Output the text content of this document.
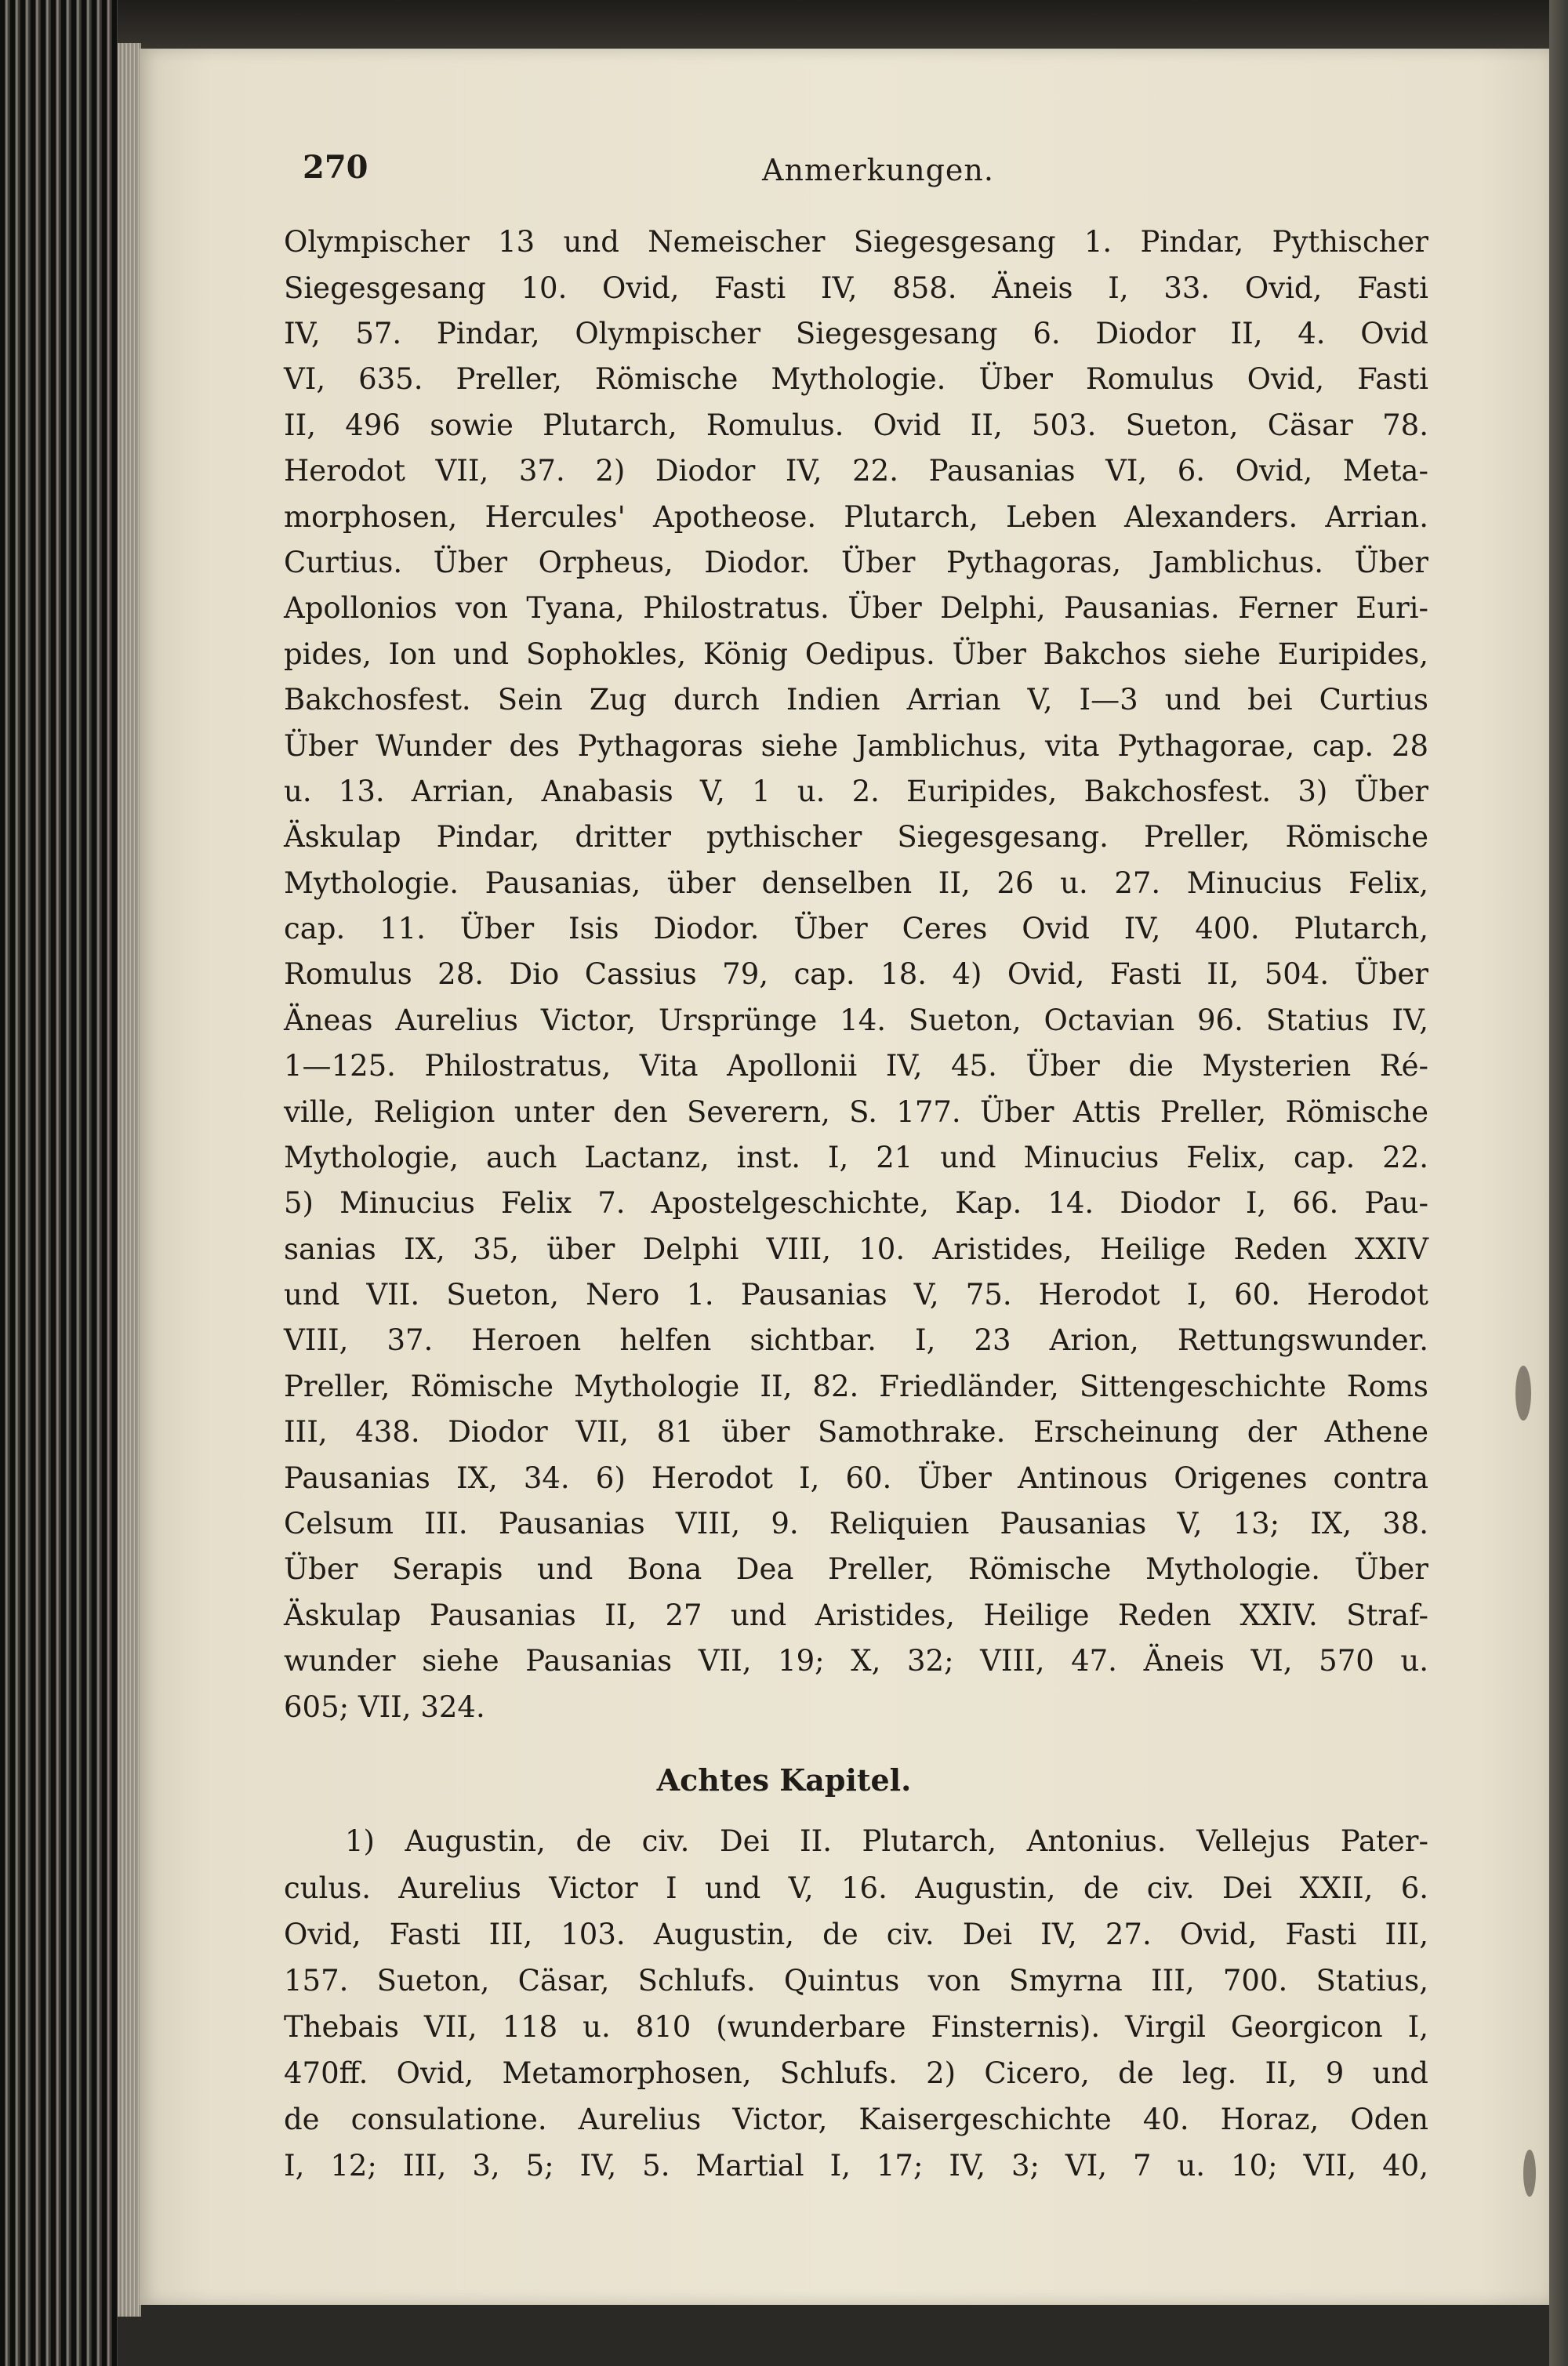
270	Anmerkungen.

Olympischer 13 und Nemeischer Siegesgesang 1. Pindar, Pythischer

Siegesgesang 10. Ovid, Fasti IV, 858. Äneis I, 33. Ovid, Fasti

IV, 57. Pindar, Olympischer Siegesgesang 6. Diodor II, 4. Ovid

VI, 635. Preller, Römische Mythologie. Über Romulus Ovid, Fasti

II, 496 sowie Plutarch, Romulus. Ovid II, 503. Sueton, Cäsar 78.

Herodot VII, 37. 2) Diodor IV, 22. Pausanias VI, 6. Ovid, Meta-

morphosen, Hercules' Apotheose. Plutarch, Leben Alexanders. Arrian.

Curtius. Über Orpheus, Diodor. Über Pythagoras, Jamblichus. Über

Apollonios von Tyana, Philostratus. Über Delphi, Pausanias. Ferner Euri-

pides, Ion und Sophokles, König Oedipus. Über Bakchos siehe Euripides,

Bakchosfest. Sein Zug durch Indien Arrian V, I—3 und bei Curtius

Über Wunder des Pythagoras siehe Jamblichus, vita Pythagorae, cap. 28

u. 13. Arrian, Anabasis V, 1 u. 2. Euripides, Bakchosfest. 3) Über

Äskulap Pindar, dritter pythischer Siegesgesang. Preller, Römische

Mythologie. Pausanias, über denselben II, 26 u. 27. Minucius Felix,

cap. 11. Über Isis Diodor. Über Ceres Ovid IV, 400. Plutarch,

Romulus 28. Dio Cassius 79, cap. 18. 4) Ovid, Fasti II, 504. Über

Äneas Aurelius Victor, Ursprünge 14. Sueton, Octavian 96. Statius IV,

1—125. Philostratus, Vita Apollonii IV, 45. Über die Mysterien Ré-

ville, Religion unter den Severern, S. 177. Über Attis Preller, Römische

Mythologie, auch Lactanz, inst. I, 21 und Minucius Felix, cap. 22.

5) Minucius Felix 7. Apostelgeschichte, Kap. 14. Diodor I, 66. Pau-

sanias IX, 35, über Delphi VIII, 10. Aristides, Heilige Reden XXIV

und VII. Sueton, Nero 1. Pausanias V, 75. Herodot I, 60. Herodot

VIII, 37. Heroen helfen sichtbar. I, 23 Arion, Rettungswunder.

Preller, Römische Mythologie II, 82. Friedländer, Sittengeschichte Roms

III, 438. Diodor VII, 81 über Samothrake. Erscheinung der Athene

Pausanias IX, 34. 6) Herodot I, 60. Über Antinous Origenes contra

Celsum III. Pausanias VIII, 9. Reliquien Pausanias V, 13; IX, 38.

Über Serapis und Bona Dea Preller, Römische Mythologie. Über

Äskulap Pausanias II, 27 und Aristides, Heilige Reden XXIV. Straf-

wunder siehe Pausanias VII, 19; X, 32; VIII, 47. Äneis VI, 570 u.

605; VII, 324.

Achtes Kapitel.

1) Augustin, de civ. Dei II. Plutarch, Antonius. Vellejus Pater-

culus. Aurelius Victor I und V, 16. Augustin, de civ. Dei XXII, 6.

Ovid, Fasti III, 103. Augustin, de civ. Dei IV, 27. Ovid, Fasti III,

157. Sueton, Cäsar, Schlufs. Quintus von Smyrna III, 700. Statius,

Thebais VII, 118 u. 810 (wunderbare Finsternis). Virgil Georgicon I,

470ff. Ovid, Metamorphosen, Schlufs. 2) Cicero, de leg. II, 9 und

de consulatione. Aurelius Victor, Kaisergeschichte 40. Horaz, Oden

I, 12; III, 3, 5; IV, 5. Martial I, 17; IV, 3; VI, 7 u. 10; VII, 40,
